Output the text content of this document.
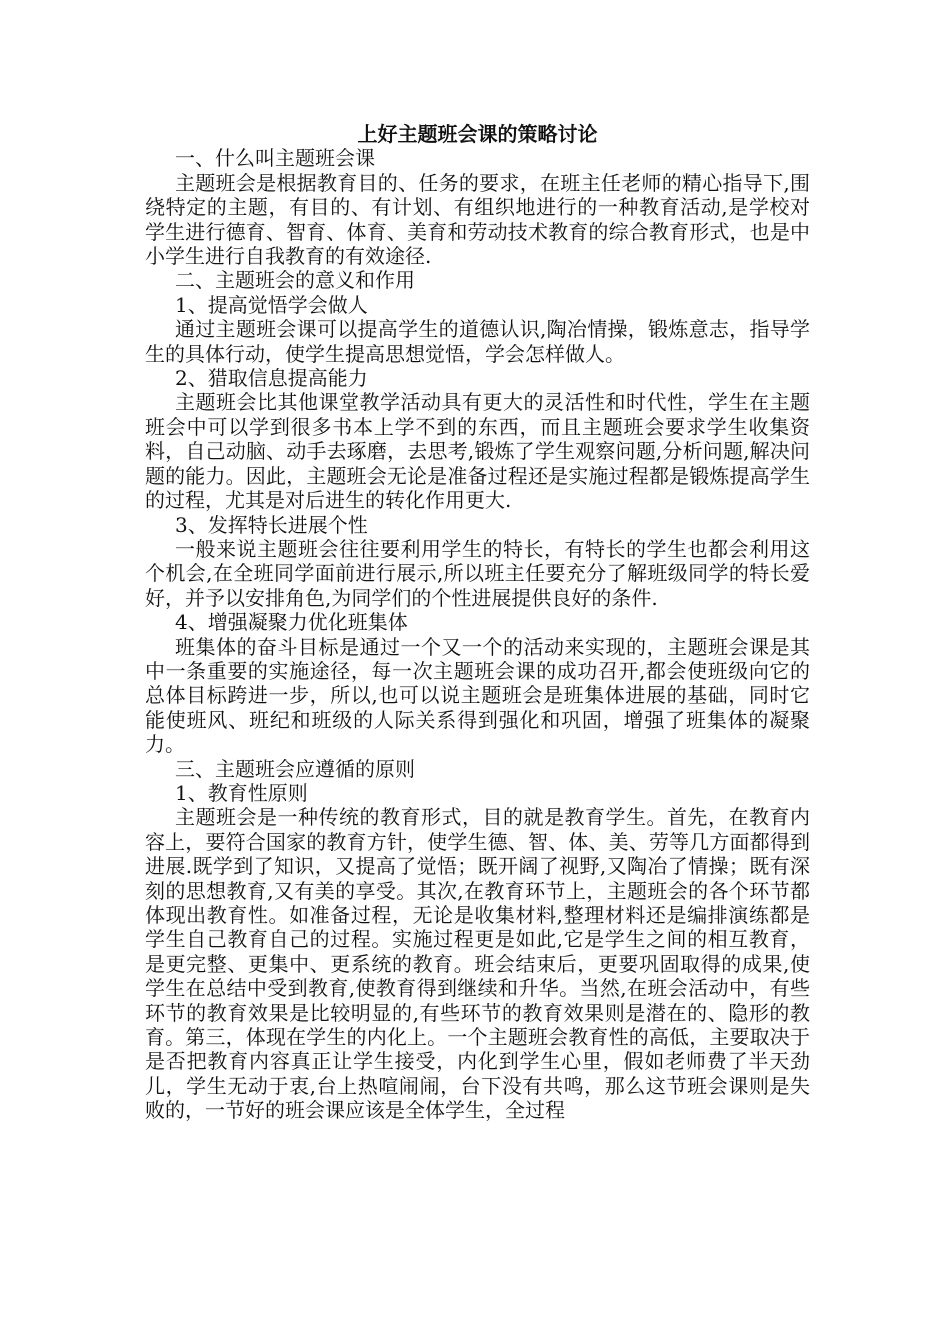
上好主题班会课的策略讨论

一、什么叫主题班会课

主题班会是根据教育目的、任务的要求，在班主任老师的精心指导下,围绕特定的主题，有目的、有计划、有组织地进行的一种教育活动,是学校对学生进行德育、智育、体育、美育和劳动技术教育的综合教育形式，也是中小学生进行自我教育的有效途径.

二、主题班会的意义和作用

1、提高觉悟学会做人

通过主题班会课可以提高学生的道德认识,陶冶情操，锻炼意志，指导学生的具体行动，使学生提高思想觉悟，学会怎样做人。

2、猎取信息提高能力

主题班会比其他课堂教学活动具有更大的灵活性和时代性，学生在主题班会中可以学到很多书本上学不到的东西，而且主题班会要求学生收集资料，自己动脑、动手去琢磨，去思考,锻炼了学生观察问题,分析问题,解决问题的能力。因此，主题班会无论是准备过程还是实施过程都是锻炼提高学生的过程，尤其是对后进生的转化作用更大.

3、发挥特长进展个性

一般来说主题班会往往要利用学生的特长，有特长的学生也都会利用这个机会,在全班同学面前进行展示,所以班主任要充分了解班级同学的特长爱好，并予以安排角色,为同学们的个性进展提供良好的条件.

4、增强凝聚力优化班集体

班集体的奋斗目标是通过一个又一个的活动来实现的，主题班会课是其中一条重要的实施途径，每一次主题班会课的成功召开,都会使班级向它的总体目标跨进一步，所以,也可以说主题班会是班集体进展的基础，同时它能使班风、班纪和班级的人际关系得到强化和巩固，增强了班集体的凝聚力。

三、主题班会应遵循的原则

1、教育性原则

主题班会是一种传统的教育形式，目的就是教育学生。首先，在教育内容上，要符合国家的教育方针，使学生德、智、体、美、劳等几方面都得到进展.既学到了知识，又提高了觉悟；既开阔了视野,又陶冶了情操；既有深刻的思想教育,又有美的享受。其次,在教育环节上，主题班会的各个环节都体现出教育性。如准备过程，无论是收集材料,整理材料还是编排演练都是学生自己教育自己的过程。实施过程更是如此,它是学生之间的相互教育，是更完整、更集中、更系统的教育。班会结束后，更要巩固取得的成果,使学生在总结中受到教育,使教育得到继续和升华。当然,在班会活动中，有些环节的教育效果是比较明显的,有些环节的教育效果则是潜在的、隐形的教育。第三，体现在学生的内化上。一个主题班会教育性的高低，主要取决于是否把教育内容真正让学生接受，内化到学生心里，假如老师费了半天劲儿，学生无动于衷,台上热喧闹闹，台下没有共鸣，那么这节班会课则是失败的，一节好的班会课应该是全体学生，全过程
